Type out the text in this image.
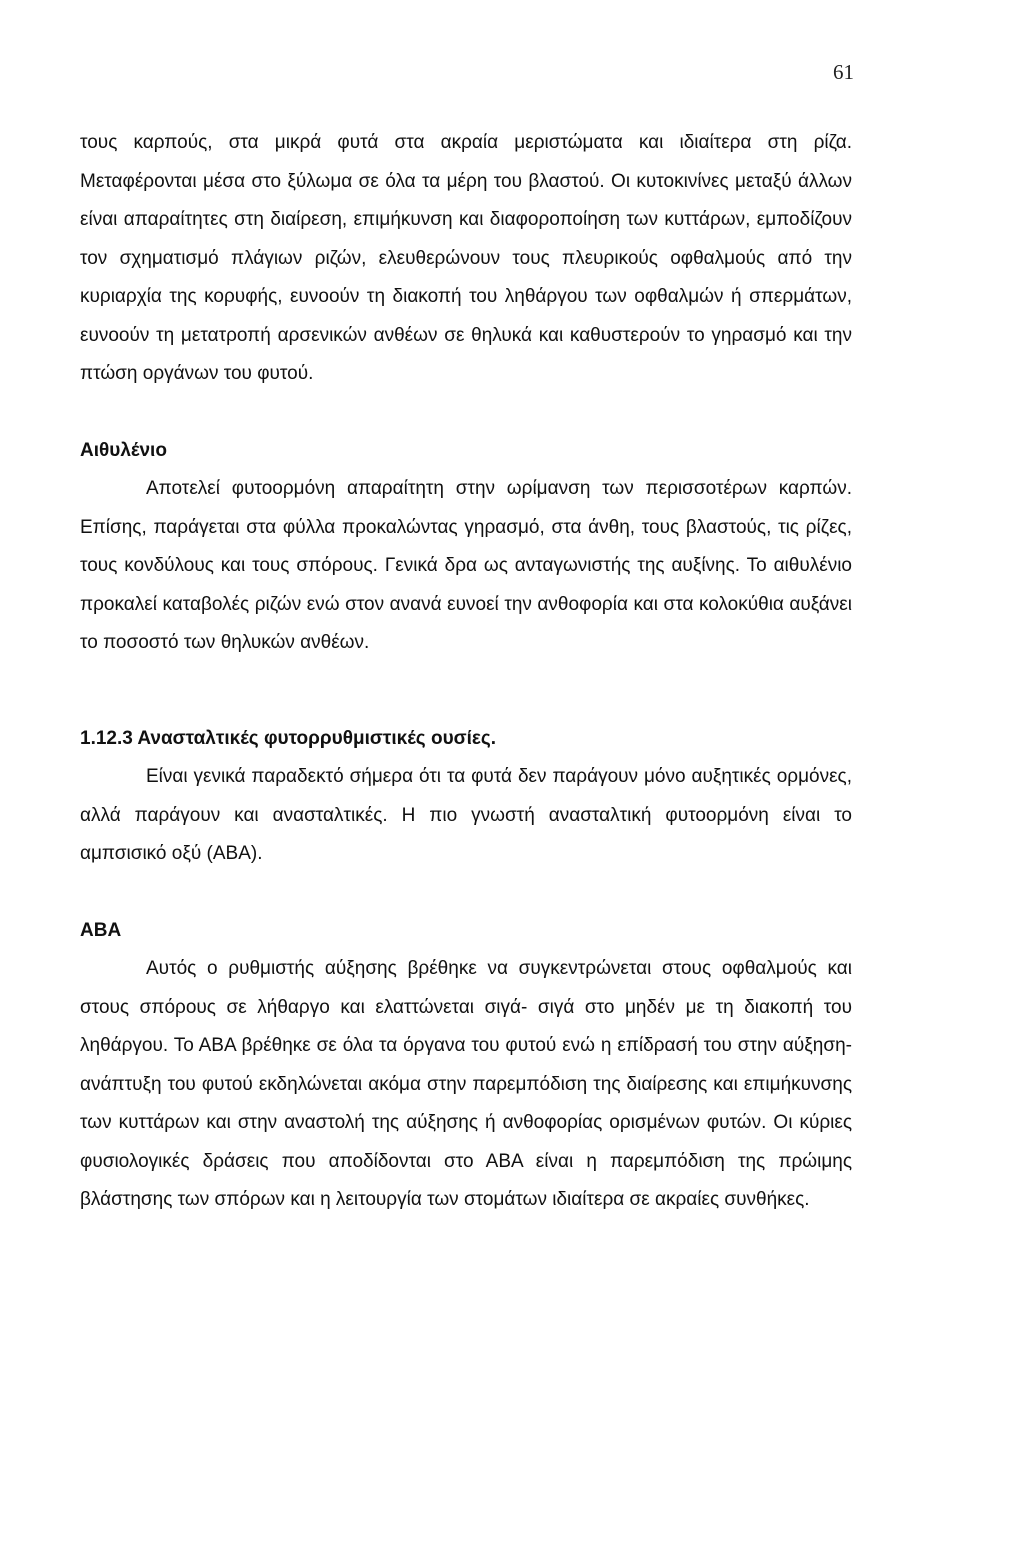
61

τους καρπούς, στα μικρά φυτά στα ακραία μεριστώματα και ιδιαίτερα στη ρίζα. Μεταφέρονται μέσα στο ξύλωμα σε όλα τα μέρη του βλαστού. Οι κυτοκινίνες μεταξύ άλλων είναι απαραίτητες στη διαίρεση, επιμήκυνση και διαφοροποίηση των κυττάρων, εμποδίζουν τον σχηματισμό πλάγιων ριζών, ελευθερώνουν τους πλευρικούς οφθαλμούς από την κυριαρχία της κορυφής, ευνοούν τη διακοπή του ληθάργου των οφθαλμών ή σπερμάτων, ευνοούν τη μετατροπή αρσενικών ανθέων σε θηλυκά και καθυστερούν το γηρασμό και την πτώση οργάνων του φυτού.

Αιθυλένιο

Αποτελεί φυτοορμόνη απαραίτητη στην ωρίμανση των περισσοτέρων καρπών. Επίσης, παράγεται στα φύλλα προκαλώντας γηρασμό, στα άνθη, τους βλαστούς, τις ρίζες, τους κονδύλους και τους σπόρους. Γενικά δρα ως ανταγωνιστής της αυξίνης. Το αιθυλένιο προκαλεί καταβολές ριζών ενώ στον ανανά ευνοεί την ανθοφορία και στα κολοκύθια αυξάνει το ποσοστό των θηλυκών ανθέων.

1.12.3 Ανασταλτικές φυτορρυθμιστικές ουσίες.

Είναι γενικά παραδεκτό σήμερα ότι τα φυτά δεν παράγουν μόνο αυξητικές ορμόνες, αλλά παράγουν και ανασταλτικές. Η πιο γνωστή ανασταλτική φυτοορμόνη είναι το αμπσισικό οξύ (ΑΒΑ).

ΑΒΑ

Αυτός ο ρυθμιστής αύξησης βρέθηκε να συγκεντρώνεται στους οφθαλμούς και στους σπόρους σε λήθαργο και ελαττώνεται σιγά- σιγά στο μηδέν με τη διακοπή του ληθάργου. Το ΑΒΑ βρέθηκε σε όλα τα όργανα του φυτού ενώ η επίδρασή του στην αύξηση- ανάπτυξη του φυτού εκδηλώνεται ακόμα στην παρεμπόδιση της διαίρεσης και επιμήκυνσης των κυττάρων και στην αναστολή της αύξησης ή ανθοφορίας ορισμένων φυτών. Οι κύριες φυσιολογικές δράσεις που αποδίδονται στο ΑΒΑ είναι η παρεμπόδιση της πρώιμης βλάστησης των σπόρων και η λειτουργία των στομάτων ιδιαίτερα σε ακραίες συνθήκες.
